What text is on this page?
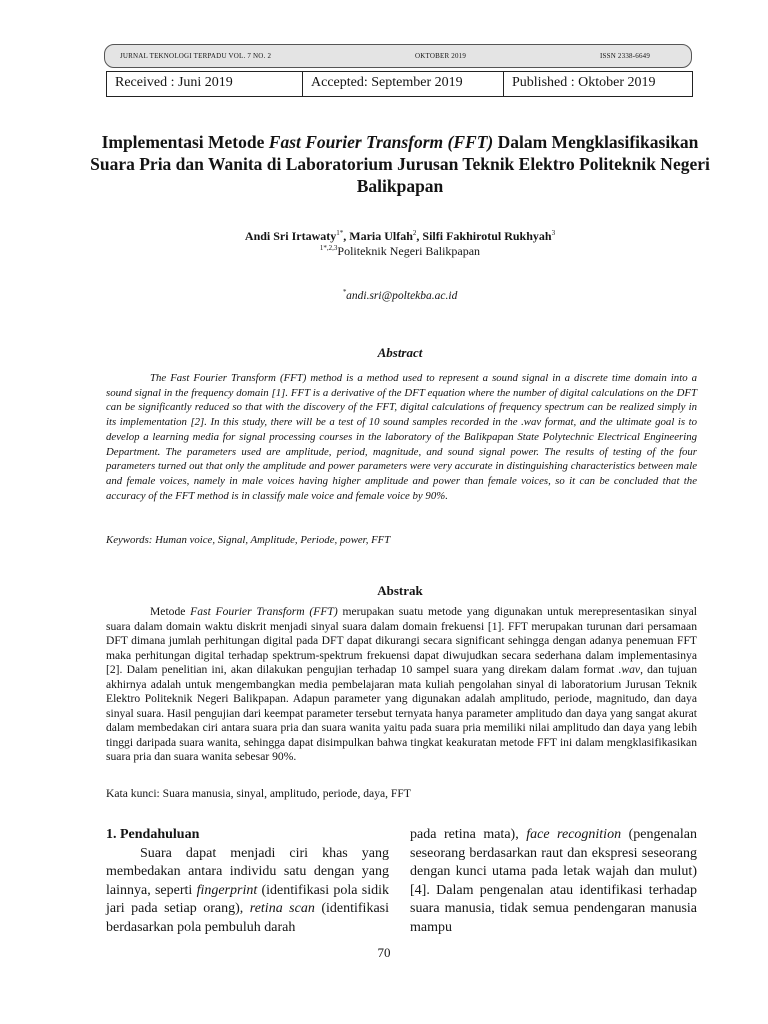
JURNAL TEKNOLOGI TERPADU VOL. 7 NO. 2	OKTOBER 2019	ISSN 2338-6649
Received : Juni 2019	Accepted: September 2019	Published : Oktober 2019
Implementasi Metode Fast Fourier Transform (FFT) Dalam Mengklasifikasikan Suara Pria dan Wanita di Laboratorium Jurusan Teknik Elektro Politeknik Negeri Balikpapan
Andi Sri Irtawaty$^{1*}$, Maria Ulfah$^2$, Silfi Fakhirotul Rukhyah$^3$
$^{1*,2,3}$Politeknik Negeri Balikpapan
*andi.sri@poltekba.ac.id
Abstract

The Fast Fourier Transform (FFT) method is a method used to represent a sound signal in a discrete time domain into a sound signal in the frequency domain [1]. FFT is a derivative of the DFT equation where the number of digital calculations on the DFT can be significantly reduced so that with the discovery of the FFT, digital calculations of frequency spectrum can be realized simply in its implementation [2]. In this study, there will be a test of 10 sound samples recorded in the .wav format, and the ultimate goal is to develop a learning media for signal processing courses in the laboratory of the Balikpapan State Polytechnic Electrical Engineering Department. The parameters used are amplitude, period, magnitude, and sound signal power. The results of testing of the four parameters turned out that only the amplitude and power parameters were very accurate in distinguishing characteristics between male and female voices, namely in male voices having higher amplitude and power than female voices, so it can be concluded that the accuracy of the FFT method is in classify male voice and female voice by 90%.

Keywords: Human voice, Signal, Amplitude, Periode, power, FFT
Abstrak

Metode Fast Fourier Transform (FFT) merupakan suatu metode yang digunakan untuk merepresentasikan sinyal suara dalam domain waktu diskrit menjadi sinyal suara dalam domain frekuensi [1]. FFT merupakan turunan dari persamaan DFT dimana jumlah perhitungan digital pada DFT dapat dikurangi secara significant sehingga dengan adanya penemuan FFT maka perhitungan digital terhadap spektrum-spektrum frekuensi dapat diwujudkan secara sederhana dalam implementasinya [2]. Dalam penelitian ini, akan dilakukan pengujian terhadap 10 sampel suara yang direkam dalam format .wav, dan tujuan akhirnya adalah untuk mengembangkan media pembelajaran mata kuliah pengolahan sinyal di laboratorium Jurusan Teknik Elektro Politeknik Negeri Balikpapan. Adapun parameter yang digunakan adalah amplitudo, periode, magnitudo, dan daya sinyal suara. Hasil pengujian dari keempat parameter tersebut ternyata hanya parameter amplitudo dan daya yang sangat akurat dalam membedakan ciri antara suara pria dan suara wanita yaitu pada suara pria memiliki nilai amplitudo dan daya yang lebih tinggi daripada suara wanita, sehingga dapat disimpulkan bahwa tingkat keakuratan metode FFT ini dalam mengklasifikasikan suara pria dan suara wanita sebesar 90%.

Kata kunci: Suara manusia, sinyal, amplitudo, periode, daya, FFT
1. Pendahuluan

Suara dapat menjadi ciri khas yang membedakan antara individu satu dengan yang lainnya, seperti fingerprint (identifikasi pola sidik jari pada setiap orang), retina scan (identifikasi berdasarkan pola pembuluh darah

pada retina mata), face recognition (pengenalan seseorang berdasarkan raut dan ekspresi seseorang dengan kunci utama pada letak wajah dan mulut) [4]. Dalam pengenalan atau identifikasi terhadap suara manusia, tidak semua pendengaran manusia mampu

70
